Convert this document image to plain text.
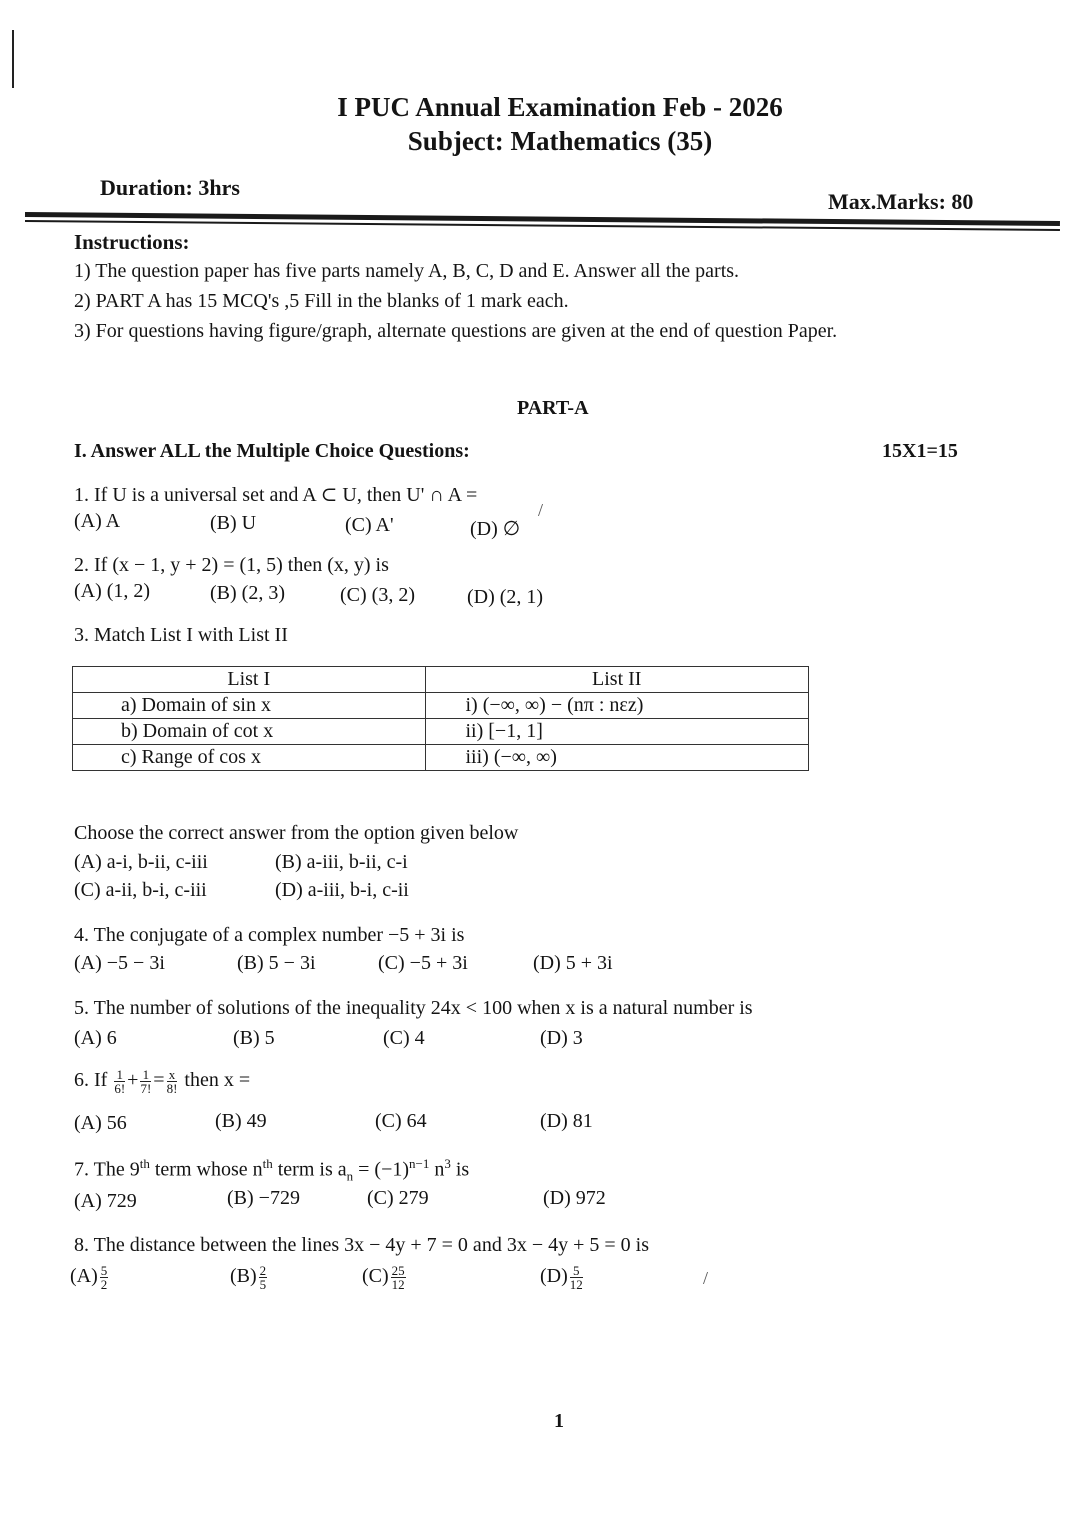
I PUC Annual Examination Feb - 2026
Subject: Mathematics (35)
Duration: 3hrs
Max.Marks: 80
Instructions:
1) The question paper has five parts namely A, B, C, D and E. Answer all the parts.
2) PART A has 15 MCQ's ,5 Fill in the blanks of 1 mark each.
3) For questions having figure/graph, alternate questions are given at the end of question Paper.
PART-A
I. Answer ALL the Multiple Choice Questions:	15X1=15
1. If U is a universal set and A ⊂ U, then U' ∩ A =
(A) A	(B) U	(C) A'	(D) ∅
/
2. If (x − 1, y + 2) = (1, 5) then (x, y) is
(A) (1, 2)	(B) (2, 3)	(C) (3, 2)	(D) (2, 1)
3. Match List I with List II
List I	List II
a) Domain of sin x	i) (−∞, ∞) − (nπ : nεz)
b) Domain of cot x	ii) [−1, 1]
c) Range of cos x	iii) (−∞, ∞)
Choose the correct answer from the option given below
(A) a-i, b-ii, c-iii	(B) a-iii, b-ii, c-i
(C) a-ii, b-i, c-iii	(D) a-iii, b-i, c-ii
4. The conjugate of a complex number −5 + 3i is
(A) −5 − 3i	(B) 5 − 3i	(C) −5 + 3i	(D) 5 + 3i
5. The number of solutions of the inequality 24x < 100 when x is a natural number is
(A) 6	(B) 5	(C) 4	(D) 3
6. If $\frac{1}{6!} + \frac{1}{7!} = \frac{x}{8!}$ then x =
(A) 56	(B) 49	(C) 64	(D) 81
7. The 9th term whose $n^{th}$ term is $a_n = (-1)^{n-1}$ $n^3$ is
(A) 729	(B) −729	(C) 279	(D) 972
8. The distance between the lines 3x − 4y + 7 = 0 and 3x − 4y + 5 = 0 is
$(A) \frac{5}{2}$	$(B) \frac{2}{5}$	$(C) \frac{25}{12}$	$(D) \frac{5}{12}$	/
1
